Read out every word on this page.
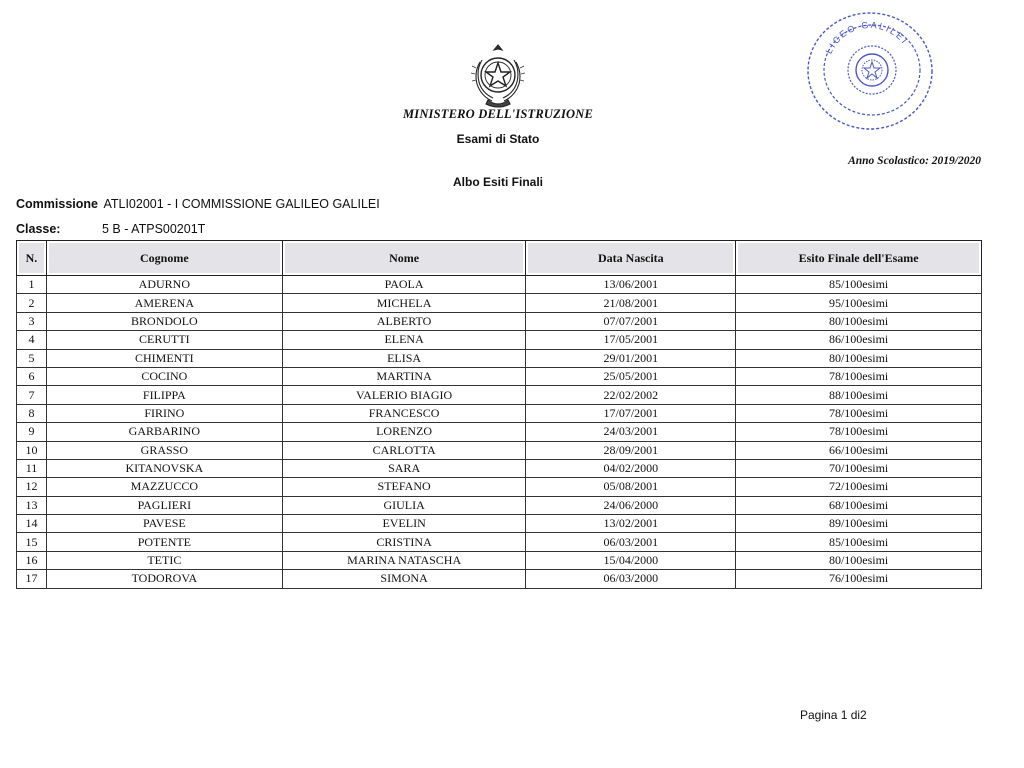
LICEO GALILEI
MINISTERO DELL'ISTRUZIONE
Esami di Stato
Anno Scolastico: 2019/2020
Albo Esiti Finali
Commissione ATLI02001 - I COMMISSIONE GALILEO GALILEI
Classe:	5 B - ATPS00201T
N.	Cognome	Nome	Data Nascita	Esito Finale dell'Esame
1	ADURNO	PAOLA	13/06/2001	85/100esimi
2	AMERENA	MICHELA	21/08/2001	95/100esimi
3	BRONDOLO	ALBERTO	07/07/2001	80/100esimi
4	CERUTTI	ELENA	17/05/2001	86/100esimi
5	CHIMENTI	ELISA	29/01/2001	80/100esimi
6	COCINO	MARTINA	25/05/2001	78/100esimi
7	FILIPPA	VALERIO BIAGIO	22/02/2002	88/100esimi
8	FIRINO	FRANCESCO	17/07/2001	78/100esimi
9	GARBARINO	LORENZO	24/03/2001	78/100esimi
10	GRASSO	CARLOTTA	28/09/2001	66/100esimi
11	KITANOVSKA	SARA	04/02/2000	70/100esimi
12	MAZZUCCO	STEFANO	05/08/2001	72/100esimi
13	PAGLIERI	GIULIA	24/06/2000	68/100esimi
14	PAVESE	EVELIN	13/02/2001	89/100esimi
15	POTENTE	CRISTINA	06/03/2001	85/100esimi
16	TETIC	MARINA NATASCHA	15/04/2000	80/100esimi
17	TODOROVA	SIMONA	06/03/2000	76/100esimi
Pagina 1 di2
